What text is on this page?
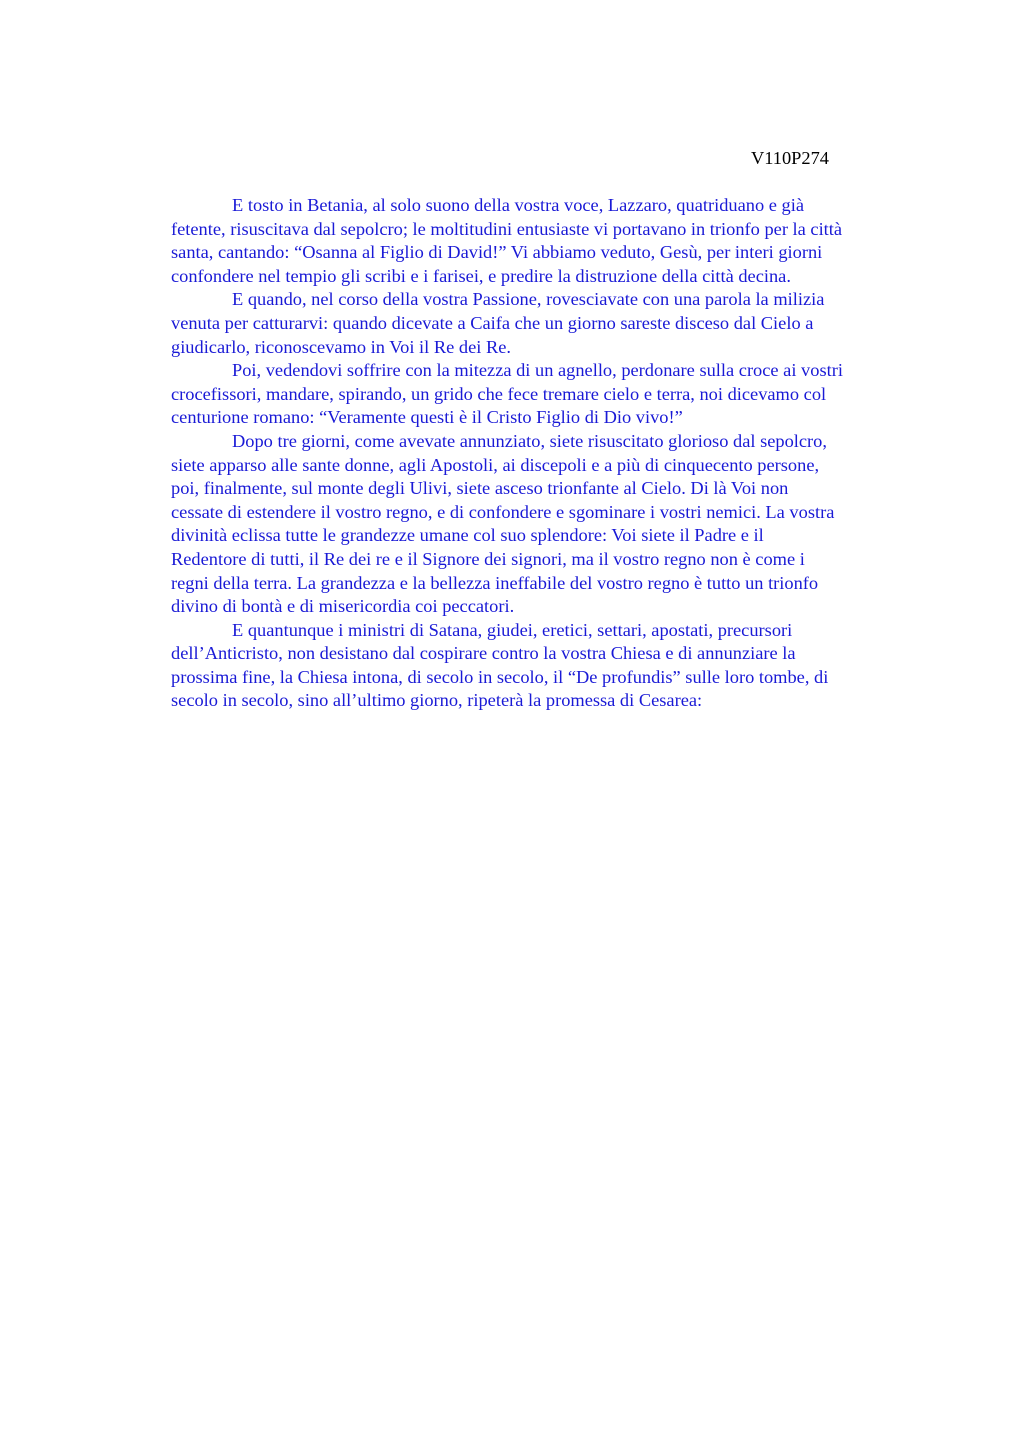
V110P274
E tosto in Betania, al solo suono della vostra voce, Lazzaro, quatriduano e già
fetente, risuscitava dal sepolcro; le moltitudini entusiaste vi portavano in trionfo per la città
santa, cantando: “Osanna al Figlio di David!” Vi abbiamo veduto, Gesù, per interi giorni
confondere nel tempio gli scribi e i farisei, e predire la distruzione della città decina.
E quando, nel corso della vostra Passione, rovesciavate con una parola la milizia
venuta per catturarvi: quando dicevate a Caifa che un giorno sareste disceso dal Cielo a
giudicarlo, riconoscevamo in Voi il Re dei Re.
Poi, vedendovi soffrire con la mitezza di un agnello, perdonare sulla croce ai vostri
crocefissori, mandare, spirando, un grido che fece tremare cielo e terra, noi dicevamo col
centurione romano: “Veramente questi è il Cristo Figlio di Dio vivo!”
Dopo tre giorni, come avevate annunziato, siete risuscitato glorioso dal sepolcro,
siete apparso alle sante donne, agli Apostoli, ai discepoli e a più di cinquecento persone,
poi, finalmente, sul monte degli Ulivi, siete asceso trionfante al Cielo. Di là Voi non
cessate di estendere il vostro regno, e di confondere e sgominare i vostri nemici. La vostra
divinità eclissa tutte le grandezze umane col suo splendore: Voi siete il Padre e il
Redentore di tutti, il Re dei re e il Signore dei signori, ma il vostro regno non è come i
regni della terra. La grandezza e la bellezza ineffabile del vostro regno è tutto un trionfo
divino di bontà e di misericordia coi peccatori.
E quantunque i ministri di Satana, giudei, eretici, settari, apostati, precursori
dell’Anticristo, non desistano dal cospirare contro la vostra Chiesa e di annunziare la
prossima fine, la Chiesa intona, di secolo in secolo, il “De profundis” sulle loro tombe, di
secolo in secolo, sino all’ultimo giorno, ripeterà la promessa di Cesarea:
